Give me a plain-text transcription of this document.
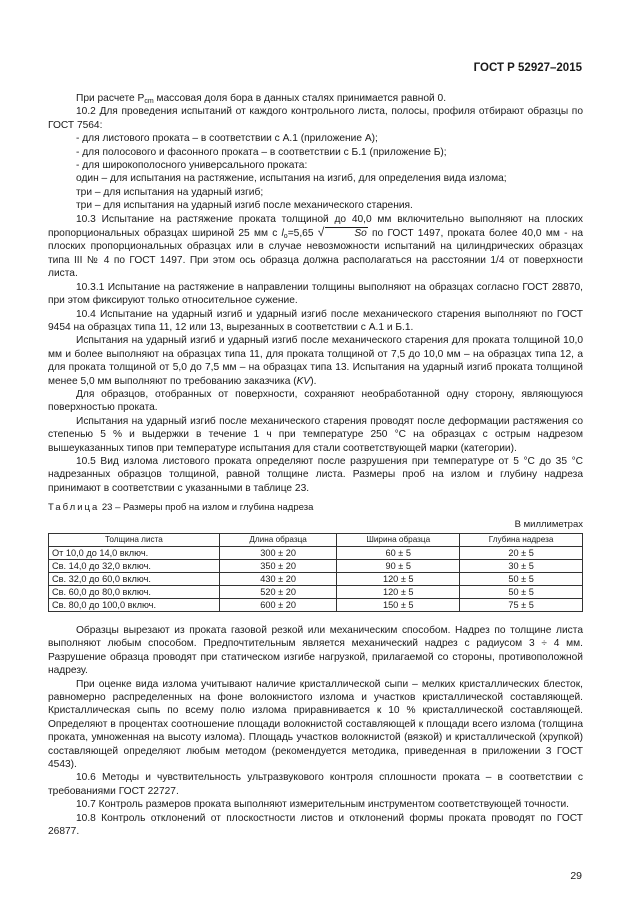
ГОСТ Р 52927–2015

При расчете $Р_{cm}$ массовая доля бора в данных сталях принимается равной 0.

10.2 Для проведения испытаний от каждого контрольного листа, полосы, профиля отбирают образцы по ГОСТ 7564:

- для листового проката – в соответствии с А.1 (приложение А);

- для полосового и фасонного проката – в соответствии с Б.1 (приложение Б);

- для широкополосного универсального проката:

один – для испытания на растяжение, испытания на изгиб, для определения вида излома;

три – для испытания на ударный изгиб;

три – для испытания на ударный изгиб после механического старения.

10.3 Испытание на растяжение проката толщиной до 40,0 мм включительно выполняют на плоских пропорциональных образцах шириной 25 мм с $l_o=5,65$ √	So по ГОСТ 1497, проката более 40,0 мм - на плоских пропорциональных образцах или в случае невозможности испытаний на цилиндрических образцах типа III № 4 по ГОСТ 1497. При этом ось образца должна располагаться на расстоянии 1/4 от поверхности листа.

10.3.1 Испытание на растяжение в направлении толщины выполняют на образцах согласно ГОСТ 28870, при этом фиксируют только относительное сужение.

10.4 Испытание на ударный изгиб и ударный изгиб после механического старения выполняют по ГОСТ 9454 на образцах типа 11, 12 или 13, вырезанных в соответствии с А.1 и Б.1.

Испытания на ударный изгиб и ударный изгиб после механического старения для проката толщиной 10,0 мм и более выполняют на образцах типа 11, для проката толщиной от 7,5 до 10,0 мм – на образцах типа 12, а для проката толщиной от 5,0 до 7,5 мм – на образцах типа 13. Испытания на ударный изгиб проката толщиной менее 5,0 мм выполняют по требованию заказчика (KV).

Для образцов, отобранных от поверхности, сохраняют необработанной одну сторону, являющуюся поверхностью проката.

Испытания на ударный изгиб после механического старения проводят после деформации растяжения со степенью 5 % и выдержки в течение 1 ч при температуре 250 °С на образцах с острым надрезом вышеуказанных типов при температуре испытания для стали соответствующей марки (категории).

10.5 Вид излома листового проката определяют после разрушения при температуре от 5 °С до 35 °С надрезанных образцов толщиной, равной толщине листа. Размеры проб на излом и глубину надреза принимают в соответствии с указанными в таблице 23.

Таблица 23 – Размеры проб на излом и глубина надреза
В миллиметрах
Толщина листа	Длина образца	Ширина образца	Глубина надреза
От 10,0 до 14,0 включ.	300 ± 20	60 ± 5	20 ± 5
Св. 14,0 до 32,0 включ.	350 ± 20	90 ± 5	30 ± 5
Св. 32,0 до 60,0 включ.	430 ± 20	120 ± 5	50 ± 5
Св. 60,0 до 80,0 включ.	520 ± 20	120 ± 5	50 ± 5
Св. 80,0 до 100,0 включ.	600 ± 20	150 ± 5	75 ± 5

Образцы вырезают из проката газовой резкой или механическим способом. Надрез по толщине листа выполняют любым способом. Предпочтительным является механический надрез с радиусом 3 ÷ 4 мм. Разрушение образца проводят при статическом изгибе нагрузкой, прилагаемой со стороны, противоположной надрезу.

При оценке вида излома учитывают наличие кристаллической сыпи – мелких кристаллических блесток, равномерно распределенных на фоне волокнистого излома и участков кристаллической составляющей. Кристаллическая сыпь по всему полю излома приравнивается к 10 % кристаллической составляющей. Определяют в процентах соотношение площади волокнистой составляющей к площади всего излома (толщина проката, умноженная на высоту излома). Площадь участков волокнистой (вязкой) и кристаллической (хрупкой) составляющей определяют любым методом (рекомендуется методика, приведенная в приложении 3 ГОСТ 4543).

10.6 Методы и чувствительность ультразвукового контроля сплошности проката – в соответствии с требованиями ГОСТ 22727.

10.7 Контроль размеров проката выполняют измерительным инструментом соответствующей точности.

10.8 Контроль отклонений от плоскостности листов и отклонений формы проката проводят по ГОСТ 26877.

29
